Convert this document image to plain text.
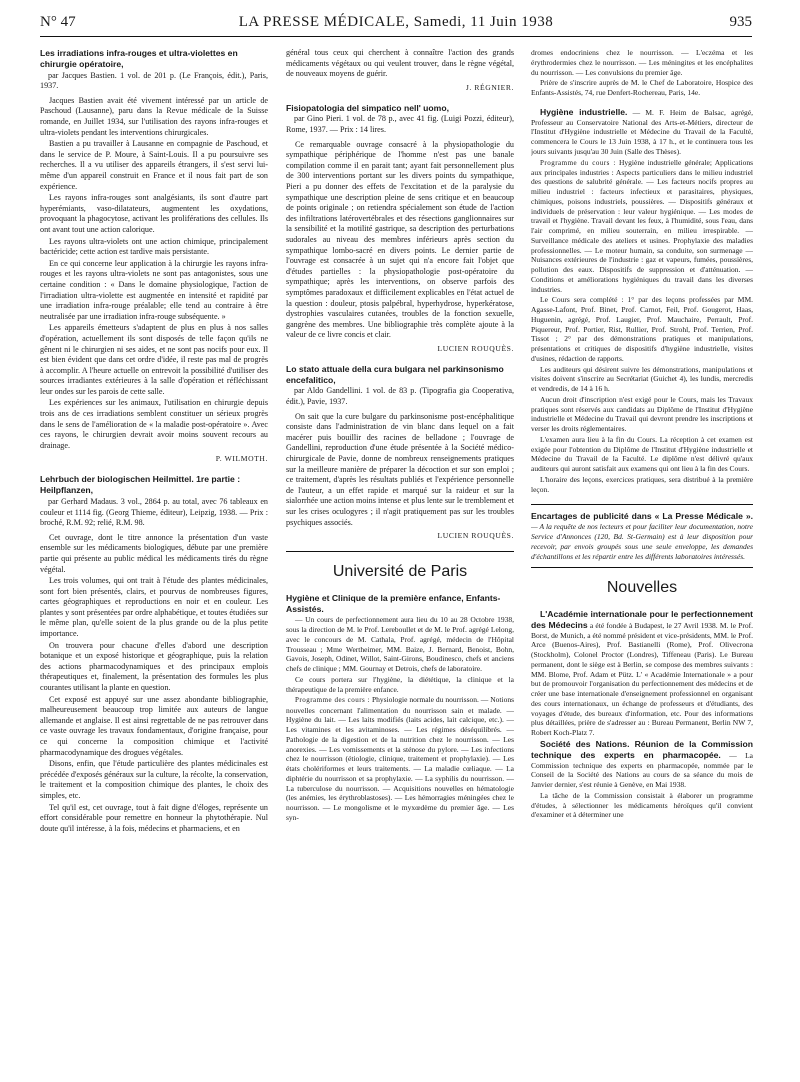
LA PRESSE MÉDICALE, Samedi, 11 Juin 1938
N° 47	935
Les irradiations infra-rouges et ultra-violettes en chirurgie opératoire,

par Jacques Bastien. 1 vol. de 201 p. (Le François, édit.), Paris, 1937.

Jacques Bastien avait été vivement intéressé par un article de Paschoud (Lausanne), paru dans la Revue médicale de la Suisse romande, en Juillet 1934, sur l'utilisation des rayons infra-rouges et ultra-violets pendant les interventions chirurgicales.

Bastien a pu travailler à Lausanne en compagnie de Paschoud, et dans le service de P. Moure, à Saint-Louis. Il a pu poursuivre ses recherches. Il a vu utiliser des appareils étrangers, il s'est servi lui-même d'un appareil construit en France et il nous fait part de son expérience.

Les rayons infra-rouges sont analgésiants, ils sont d'autre part hyperémiants, vaso-dilatateurs, augmentent les oxydations, provoquant la phagocytose, activant les proliférations des cellules. Ils ont avant tout une action calorique.

Les rayons ultra-violets ont une action chimique, principalement bactéricide; cette action est tardive mais persistante.

En ce qui concerne leur application à la chirurgie les rayons infra-rouges et les rayons ultra-violets ne sont pas antagonistes, sous une certaine condition : « Dans le domaine physiologique, l'action de l'irradiation ultra-violette est augmentée en intensité et rapidité par une irradiation infra-rouge préalable; elle tend au contraire à être neutralisée par une irradiation infra-rouge subséquente. »

Les appareils émetteurs s'adaptent de plus en plus à nos salles d'opération, actuellement ils sont disposés de telle façon qu'ils ne gênent ni le chirurgien ni ses aides, et ne sont pas nocifs pour eux. Il est bien évident que dans cet ordre d'idée, il reste pas mal de progrès à accomplir. A l'heure actuelle on entrevoit la possibilité d'utiliser des sources irradiantes extérieures à la salle d'opération et réfléchissant leur ondes sur les parois de cette salle.

Les expériences sur les animaux, l'utilisation en chirurgie depuis trois ans de ces irradiations semblent constituer un sérieux progrès dans le sens de l'amélioration de « la maladie post-opératoire ». Avec ces rayons, le chirurgien devrait avoir moins souvent recours au drainage.

P. WILMOTH.
Lehrbuch der biologischen Heilmittel. 1re partie : Heilpflanzen,

par Gerhard Madaus. 3 vol., 2864 p. au total, avec 76 tableaux en couleur et 1114 fig. (Georg Thieme, éditeur), Leipzig, 1938. — Prix : broché, R.M. 92; relié, R.M. 98.

Cet ouvrage, dont le titre annonce la présentation d'un vaste ensemble sur les médicaments biologiques, débute par une première partie qui présente au public médical les médicaments tirés du règne végétal.

Les trois volumes, qui ont trait à l'étude des plantes médicinales, sont fort bien présentés, clairs, et pourvus de nombreuses figures, cartes géographiques et reproductions en noir et en couleur. Les plantes y sont présentées par ordre alphabétique, et toutes étudiées sur le même plan, qu'elle soient de la plus grande ou de la plus petite importance.

On trouvera pour chacune d'elles d'abord une description botanique et un exposé historique et géographique, puis la relation des actions pharmacodynamiques et des principaux emplois thérapeutiques et, finalement, la présentation des formules les plus courantes utilisant la plante en question.

Cet exposé est appuyé sur une assez abondante bibliographie, malheureusement beaucoup trop limitée aux auteurs de langue allemande et anglaise. Il est ainsi regrettable de ne pas retrouver dans ce vaste ouvrage les travaux fondamentaux, d'origine française, pour ce qui concerne la composition chimique et l'activité pharmacodynamique des drogues végétales.

Disons, enfin, que l'étude particulière des plantes médicinales est précédée d'exposés généraux sur la culture, la récolte, la conservation, le traitement et la composition chimique des plantes, le choix des simples, etc.

Tel qu'il est, cet ouvrage, tout à fait digne d'éloges, représente un effort considérable pour remettre en honneur la phytothérapie. Nul doute qu'il intéresse, à la fois, médecins et pharmaciens, et en

général tous ceux qui cherchent à connaître l'action des grands médicaments végétaux ou qui veulent trouver, dans le règne végétal, de nouveaux moyens de guérir.

J. RÉGNIER.
Fisiopatologia del simpatico nell' uomo,

par Gino Pieri. 1 vol. de 78 p., avec 41 fig. (Luigi Pozzi, éditeur), Rome, 1937. — Prix : 14 lires.

Ce remarquable ouvrage consacré à la physiopathologie du sympathique périphérique de l'homme n'est pas une banale compilation comme il en parait tant; ayant fait personnellement plus de 300 interventions portant sur les divers points du sympathique, Pieri a pu donner des effets de l'excitation et de la paralysie du sympathique une description pleine de sens critique et en beaucoup de points originale ; on retiendra spécialement son étude de l'action des infiltrations latérovertébrales et des résections ganglionnaires sur la sensibilité et la motilité gastrique, sa description des perturbations sudorales au niveau des membres inférieurs après section du sympathique lombo-sacré en divers points. Le dernier partie de l'ouvrage est consacrée à un sujet qui n'a encore fait l'objet que d'études partielles : la physiopathologie post-opératoire du sympathique; après les interventions, on observe parfois des symptômes paradoxaux et difficilement explicables en l'état actuel de la question : douleur, ptosis palpébral, hyperhydrose, hyperkératose, dystrophies vasculaires cutanées, troubles de la fonction sexuelle, gangrène des membres. Une bibliographie très complète ajoute à la valeur de ce livre concis et clair.

LUCIEN ROUQUÈS.
Lo stato attuale della cura bulgara nel parkinsonismo encefalitico,

par Aldo Gandellini. 1 vol. de 83 p. (Tipografia gia Cooperativa, édit.), Pavie, 1937.

On sait que la cure bulgare du parkinsonisme post-encéphalitique consiste dans l'administration de vin blanc dans lequel on a fait macérer puis bouillir des racines de belladone ; l'ouvrage de Gandellini, reproduction d'une étude présentée à la Société médico-chirurgicale de Pavie, donne de nombreux renseignements pratiques sur la meilleure manière de préparer la décoction et sur son emploi ; ce traitement, d'après les résultats publiés et l'expérience personnelle de l'auteur, a un effet rapide et marqué sur la raideur et sur la sialorrhée une action moins intense et plus lente sur le tremblement et sur les crises oculogyres ; il n'agit pratiquement pas sur les troubles psychiques associés.

LUCIEN ROUQUÈS.
Université de Paris
Hygiène et Clinique de la première enfance, Enfants-Assistés.

— Un cours de perfectionnement aura lieu du 10 au 28 Octobre 1938, sous la direction de M. le Prof. Lereboullet et de M. le Prof. agrégé Lelong, avec le concours de M. Cathala, Prof. agrégé, médecin de l'Hôpital Trousseau ; Mme Wertheimer, MM. Baize, J. Bernard, Benoist, Bohn, Gavois, Joseph, Odinet, Willot, Saint-Girons, Boudinesco, chefs et anciens chefs de clinique ; MM. Gournay et Detrois, chefs de laboratoire.

Ce cours portera sur l'hygiène, la diététique, la clinique et la thérapeutique de la première enfance.

Programme des cours : Physiologie normale du nourrisson. — Notions nouvelles concernant l'alimentation du nourrisson sain et malade. — Hygiène du lait. — Les laits modifiés (laits acides, lait calcique, etc.). — Les vitamines et les avitaminoses. — Les régimes déséquilibrés. — Pathologie de la digestion et de la nutrition chez le nourrisson. — Les anorexies. — Les vomissements et la sténose du pylore. — Les infections chez le nourrisson (étiologie, clinique, traitement et prophylaxie). — Les états cholériformes et leurs traitements. — La maladie cœliaque. — La diphtérie du nourrisson et sa prophylaxie. — La syphilis du nourrisson. — La tuberculose du nourrisson. — Acquisitions nouvelles en hématologie (les anémies, les érythroblastoses). — Les hémorragies méningées chez le nourrisson. — Le mongolisme et le myxœdème du premier âge. — Les syn-

dromes endocriniens chez le nourrisson. — L'eczéma et les érythrodermies chez le nourrisson. — Les méningites et les encéphalites du nourrisson. — Les convulsions du premier âge.

Prière de s'inscrire auprès de M. le Chef de Laboratoire, Hospice des Enfants-Assistés, 74, rue Denfert-Rochereau, Paris, 14e.

Hygiène industrielle. — M. F. Heim de Balsac, agrégé, Professeur au Conservatoire National des Arts-et-Métiers, directeur de l'Institut d'Hygiène industrielle et Médecine du Travail de la Faculté, commencera le Cours le 13 Juin 1938, à 17 h., et le continuera tous les jours suivants jusqu'au 30 Juin (Salle des Thèses).

Programme du cours : Hygiène industrielle générale; Applications aux principales industries : Aspects particuliers dans le milieu industriel des questions de salubrité générale. — Les facteurs nocifs propres au milieu industriel : facteurs infectieux et parasitaires, physiques, chimiques, poisons industriels, poussières. — Dispositifs généraux et individuels de préservation : leur valeur hygiénique. — Les modes de travail et l'hygiène. Travail devant les feux, à l'humidité, sous l'eau, dans l'air comprimé, en milieu souterrain, en milieu irrespirable. — Surveillance médicale des ateliers et usines. Prophylaxie des maladies professionnelles. — Le moteur humain, sa conduite, son surmenage — Nuisances extérieures de l'industrie : gaz et vapeurs, fumées, poussières, pollution des eaux. Dispositifs de suppression et d'atténuation. — Conditions et améliorations hygiéniques du travail dans les diverses industries.

Le Cours sera complété : 1° par des leçons professées par MM. Agasse-Lafont, Prof. Binet, Prof. Carnot, Feil, Prof. Gougerot, Haas, Huguenin, agrégé, Prof. Laugier, Prof. Mauchaire, Perrault, Prof. Piquereur, Prof. Portier, Rist, Rullier, Prof. Strohl, Prof. Terrien, Prof. Tissot ; 2° par des démonstrations pratiques et manipulations, présentations et critiques de dispositifs d'hygiène industrielle, visites d'usines, rédaction de rapports.

Les auditeurs qui désirent suivre les démonstrations, manipulations et visites doivent s'inscrire au Secrétariat (Guichet 4), les lundis, mercredis et vendredis, de 14 à 16 h.

Aucun droit d'inscription n'est exigé pour le Cours, mais les Travaux pratiques sont réservés aux candidats au Diplôme de l'Institut d'Hygiène industrielle et Médecine du Travail qui devront prendre les inscriptions et verser les droits réglementaires.

L'examen aura lieu à la fin du Cours. La réception à cet examen est exigée pour l'obtention du Diplôme de l'Institut d'Hygiène industrielle et Médecine du Travail de la Faculté. Le diplôme n'est délivré qu'aux auditeurs qui auront satisfait aux examens qui ont lieu à la fin des Cours.

L'horaire des leçons, exercices pratiques, sera distribué à la première leçon.

Encartages de publicité dans « La Presse Médicale ». — A la requête de nos lecteurs et pour faciliter leur documentation, notre Service d'Annonces (120, Bd. St-Germain) est à leur disposition pour recevoir, par envois groupés sous une seule enveloppe, les demandes d'échantillons et les répartir entre les différents laboratoires intéressés.

Nouvelles

L'Académie internationale pour le perfectionnement des Médecins a été fondée à Budapest, le 27 Avril 1938. M. le Prof. Borst, de Munich, a été nommé président et vice-présidents, MM. le Prof. Arce (Buenos-Aires), Prof. Bastianelli (Rome), Prof. Olivecrona (Stockholm), Colonel Proctor (Londres), Tiffeneau (Paris). Le Bureau permanent, dont le siège est à Berlin, se compose des membres suivants : MM. Blome, Prof. Adam et Pütz. L' « Académie Internationale » a pour but de promouvoir l'organisation du perfectionnement des médecins et de créer une base internationale d'enseignement professionnel en organisant des cours internationaux, un échange de professeurs et d'étudiants, des voyages d'étude, des bureaux d'information, etc. Pour des informations plus détaillées, prière de s'adresser au : Bureau Permanent, Berlin NW 7, Robert Koch-Platz 7.

Société des Nations. Réunion de la Commission technique des experts en pharmacopée. — La Commission technique des experts en pharmacopée, nommée par le Conseil de la Société des Nations au cours de sa séance du mois de Janvier dernier, s'est réunie à Genève, en Mai 1938.

La tâche de la Commission consistait à élaborer un programme d'études, à sélectionner les médicaments héroïques qu'il convient d'examiner et à déterminer une
